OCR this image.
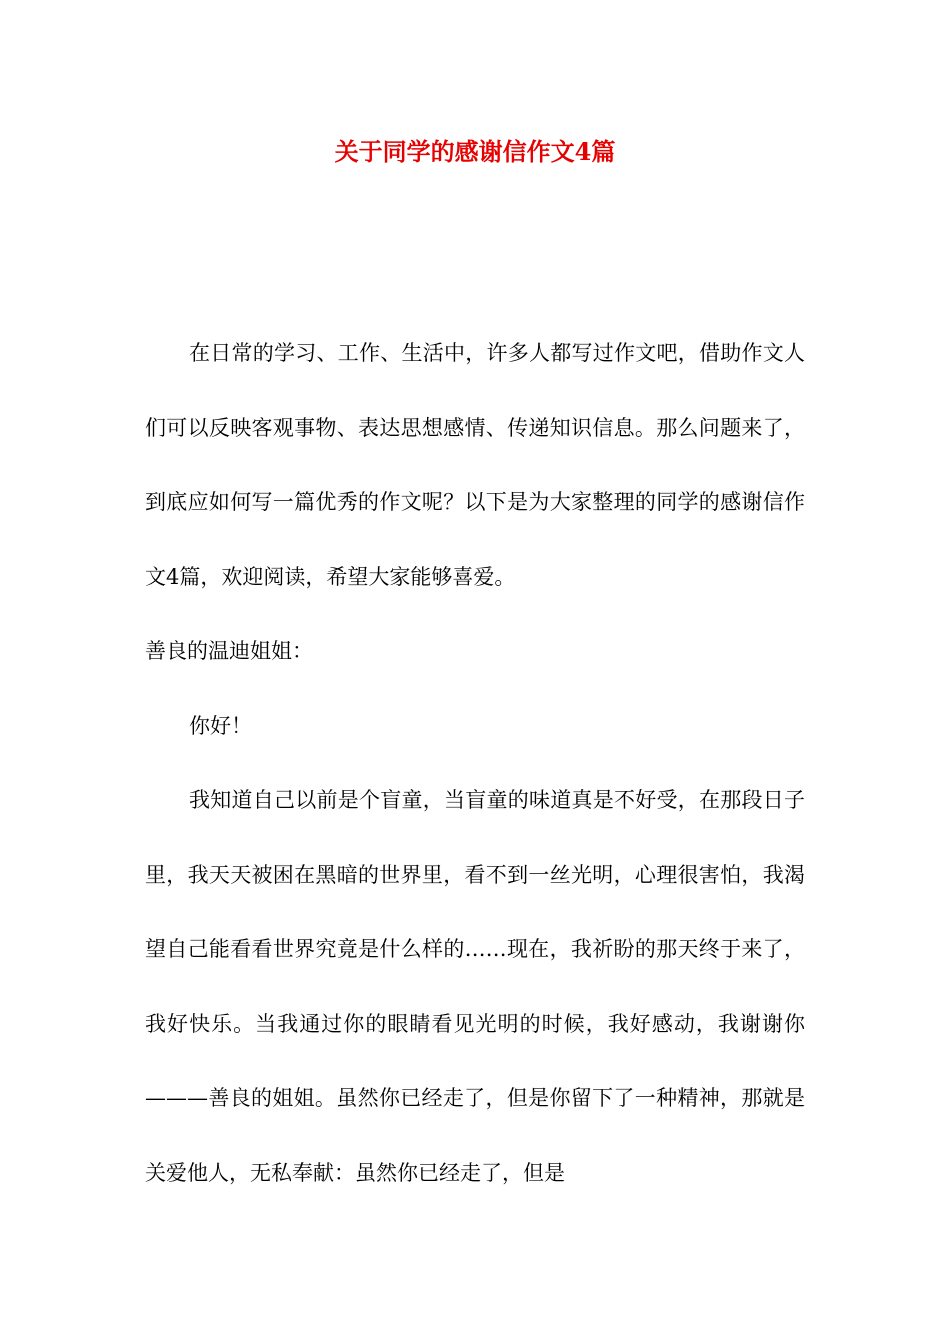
关于同学的感谢信作文4篇

在日常的学习、工作、生活中，许多人都写过作文吧，借助作文人们可以反映客观事物、表达思想感情、传递知识信息。那么问题来了，到底应如何写一篇优秀的作文呢？以下是为大家整理的同学的感谢信作文4篇，欢迎阅读，希望大家能够喜爱。

善良的温迪姐姐：

你好！

我知道自己以前是个盲童，当盲童的味道真是不好受，在那段日子里，我天天被困在黑暗的世界里，看不到一丝光明，心理很害怕，我渴望自己能看看世界究竟是什么样的……现在，我祈盼的那天终于来了，我好快乐。当我通过你的眼睛看见光明的时候，我好感动，我谢谢你———善良的姐姐。虽然你已经走了，但是你留下了一种精神，那就是关爱他人，无私奉献：虽然你已经走了，但是
